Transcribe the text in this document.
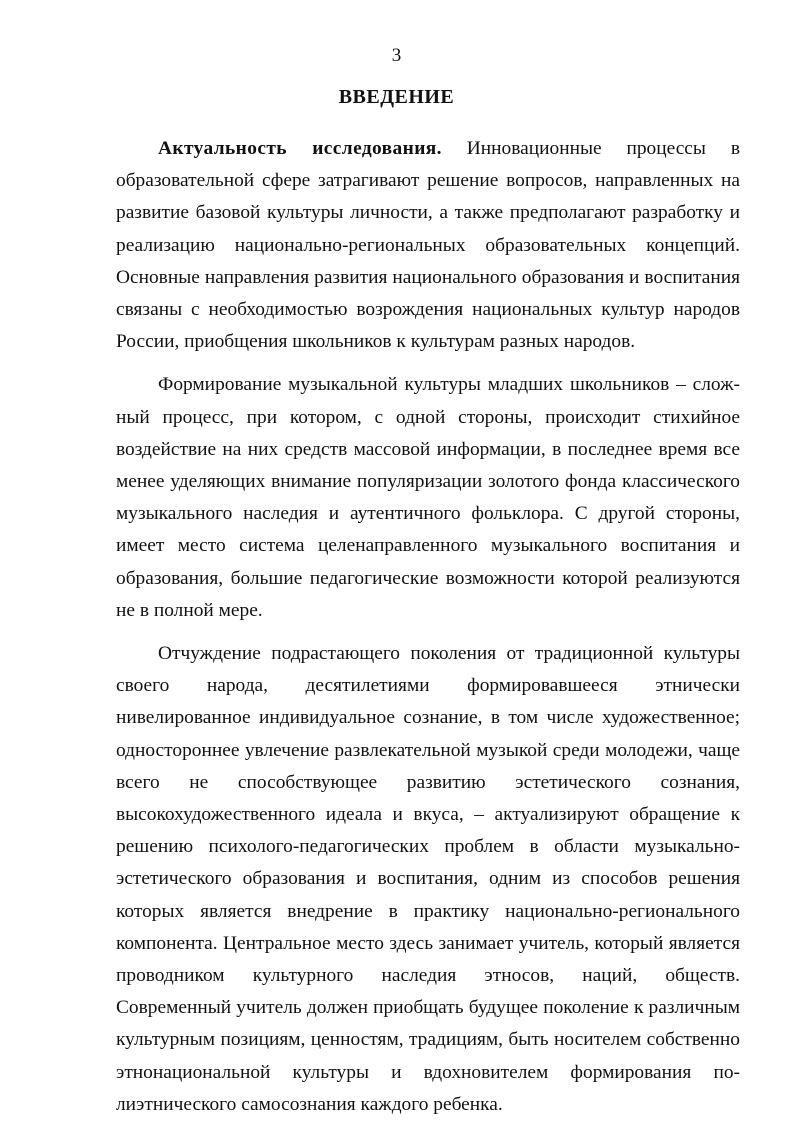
3
ВВЕДЕНИЕ

Актуальность исследования. Инновационные процессы в образовательной сфере затрагивают решение вопросов, направленных на развитие базовой культуры личности, а также предполагают разработку и реализацию национально-региональных образовательных концепций. Основные направления развития национального образования и воспитания связаны с необходимостью возрождения национальных культур народов России, приобщения школьников к культурам разных народов.

Формирование музыкальной культуры младших школьников – сложный процесс, при котором, с одной стороны, происходит стихийное воздействие на них средств массовой информации, в последнее время все менее уделяющих внимание популяризации золотого фонда классического музыкального наследия и аутентичного фольклора. С другой стороны, имеет место система целенаправленного музыкального воспитания и образования, большие педагогические возможности которой реализуются не в полной мере.

Отчуждение подрастающего поколения от традиционной культуры своего народа, десятилетиями формировавшееся этнически нивелированное индивидуальное сознание, в том числе художественное; одностороннее увлечение развлекательной музыкой среди молодежи, чаще всего не способствующее развитию эстетического сознания, высокохудожественного идеала и вкуса, – актуализируют обращение к решению психолого-педагогических проблем в области музыкально-эстетического образования и воспитания, одним из способов решения которых является внедрение в практику национально-регионального компонента. Центральное место здесь занимает учитель, который является проводником культурного наследия этносов, наций, обществ. Современный учитель должен приобщать будущее поколение к различным культурным позициям, ценностям, традициям, быть носителем собственно этнонациональной культуры и вдохновителем формирования полиэтнического самосознания каждого ребенка.
